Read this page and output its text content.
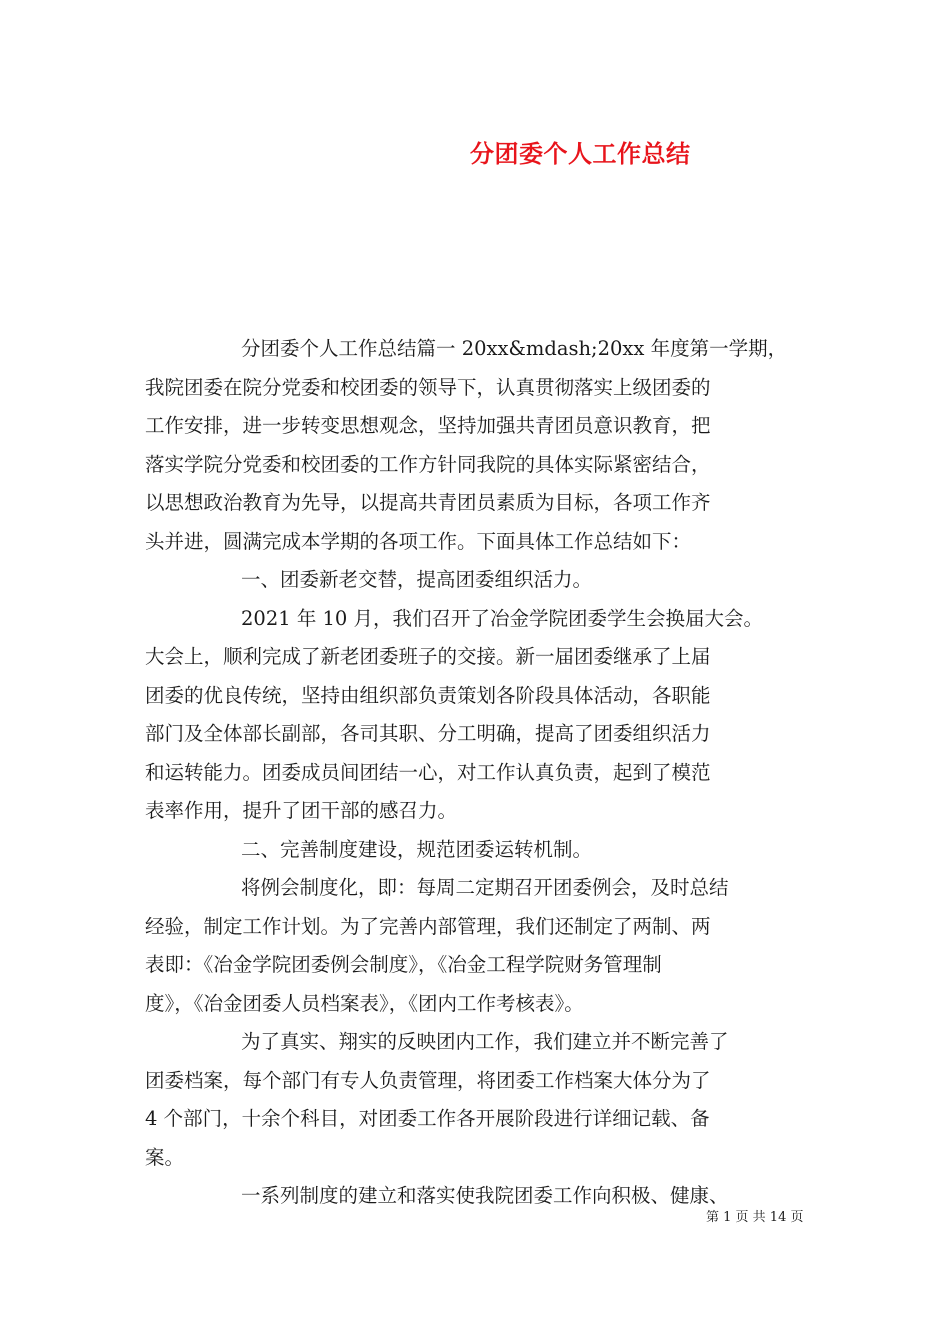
分团委个人工作总结
分团委个人工作总结篇一 20xx&mdash;20xx 年度第一学期，
我院团委在院分党委和校团委的领导下，认真贯彻落实上级团委的
工作安排，进一步转变思想观念，坚持加强共青团员意识教育，把
落实学院分党委和校团委的工作方针同我院的具体实际紧密结合，
以思想政治教育为先导，以提高共青团员素质为目标，各项工作齐
头并进，圆满完成本学期的各项工作。下面具体工作总结如下：
一、团委新老交替，提高团委组织活力。
2021 年 10 月，我们召开了冶金学院团委学生会换届大会。
大会上，顺利完成了新老团委班子的交接。新一届团委继承了上届
团委的优良传统，坚持由组织部负责策划各阶段具体活动，各职能
部门及全体部长副部，各司其职、分工明确，提高了团委组织活力
和运转能力。团委成员间团结一心，对工作认真负责，起到了模范
表率作用，提升了团干部的感召力。
二、完善制度建设，规范团委运转机制。
将例会制度化，即：每周二定期召开团委例会，及时总结
经验，制定工作计划。为了完善内部管理，我们还制定了两制、两
表即：《冶金学院团委例会制度》，《冶金工程学院财务管理制
度》，《冶金团委人员档案表》，《团内工作考核表》。
为了真实、翔实的反映团内工作，我们建立并不断完善了
团委档案，每个部门有专人负责管理，将团委工作档案大体分为了
4 个部门，十余个科目，对团委工作各开展阶段进行详细记载、备
案。
一系列制度的建立和落实使我院团委工作向积极、健康、
第 1 页 共 14 页
